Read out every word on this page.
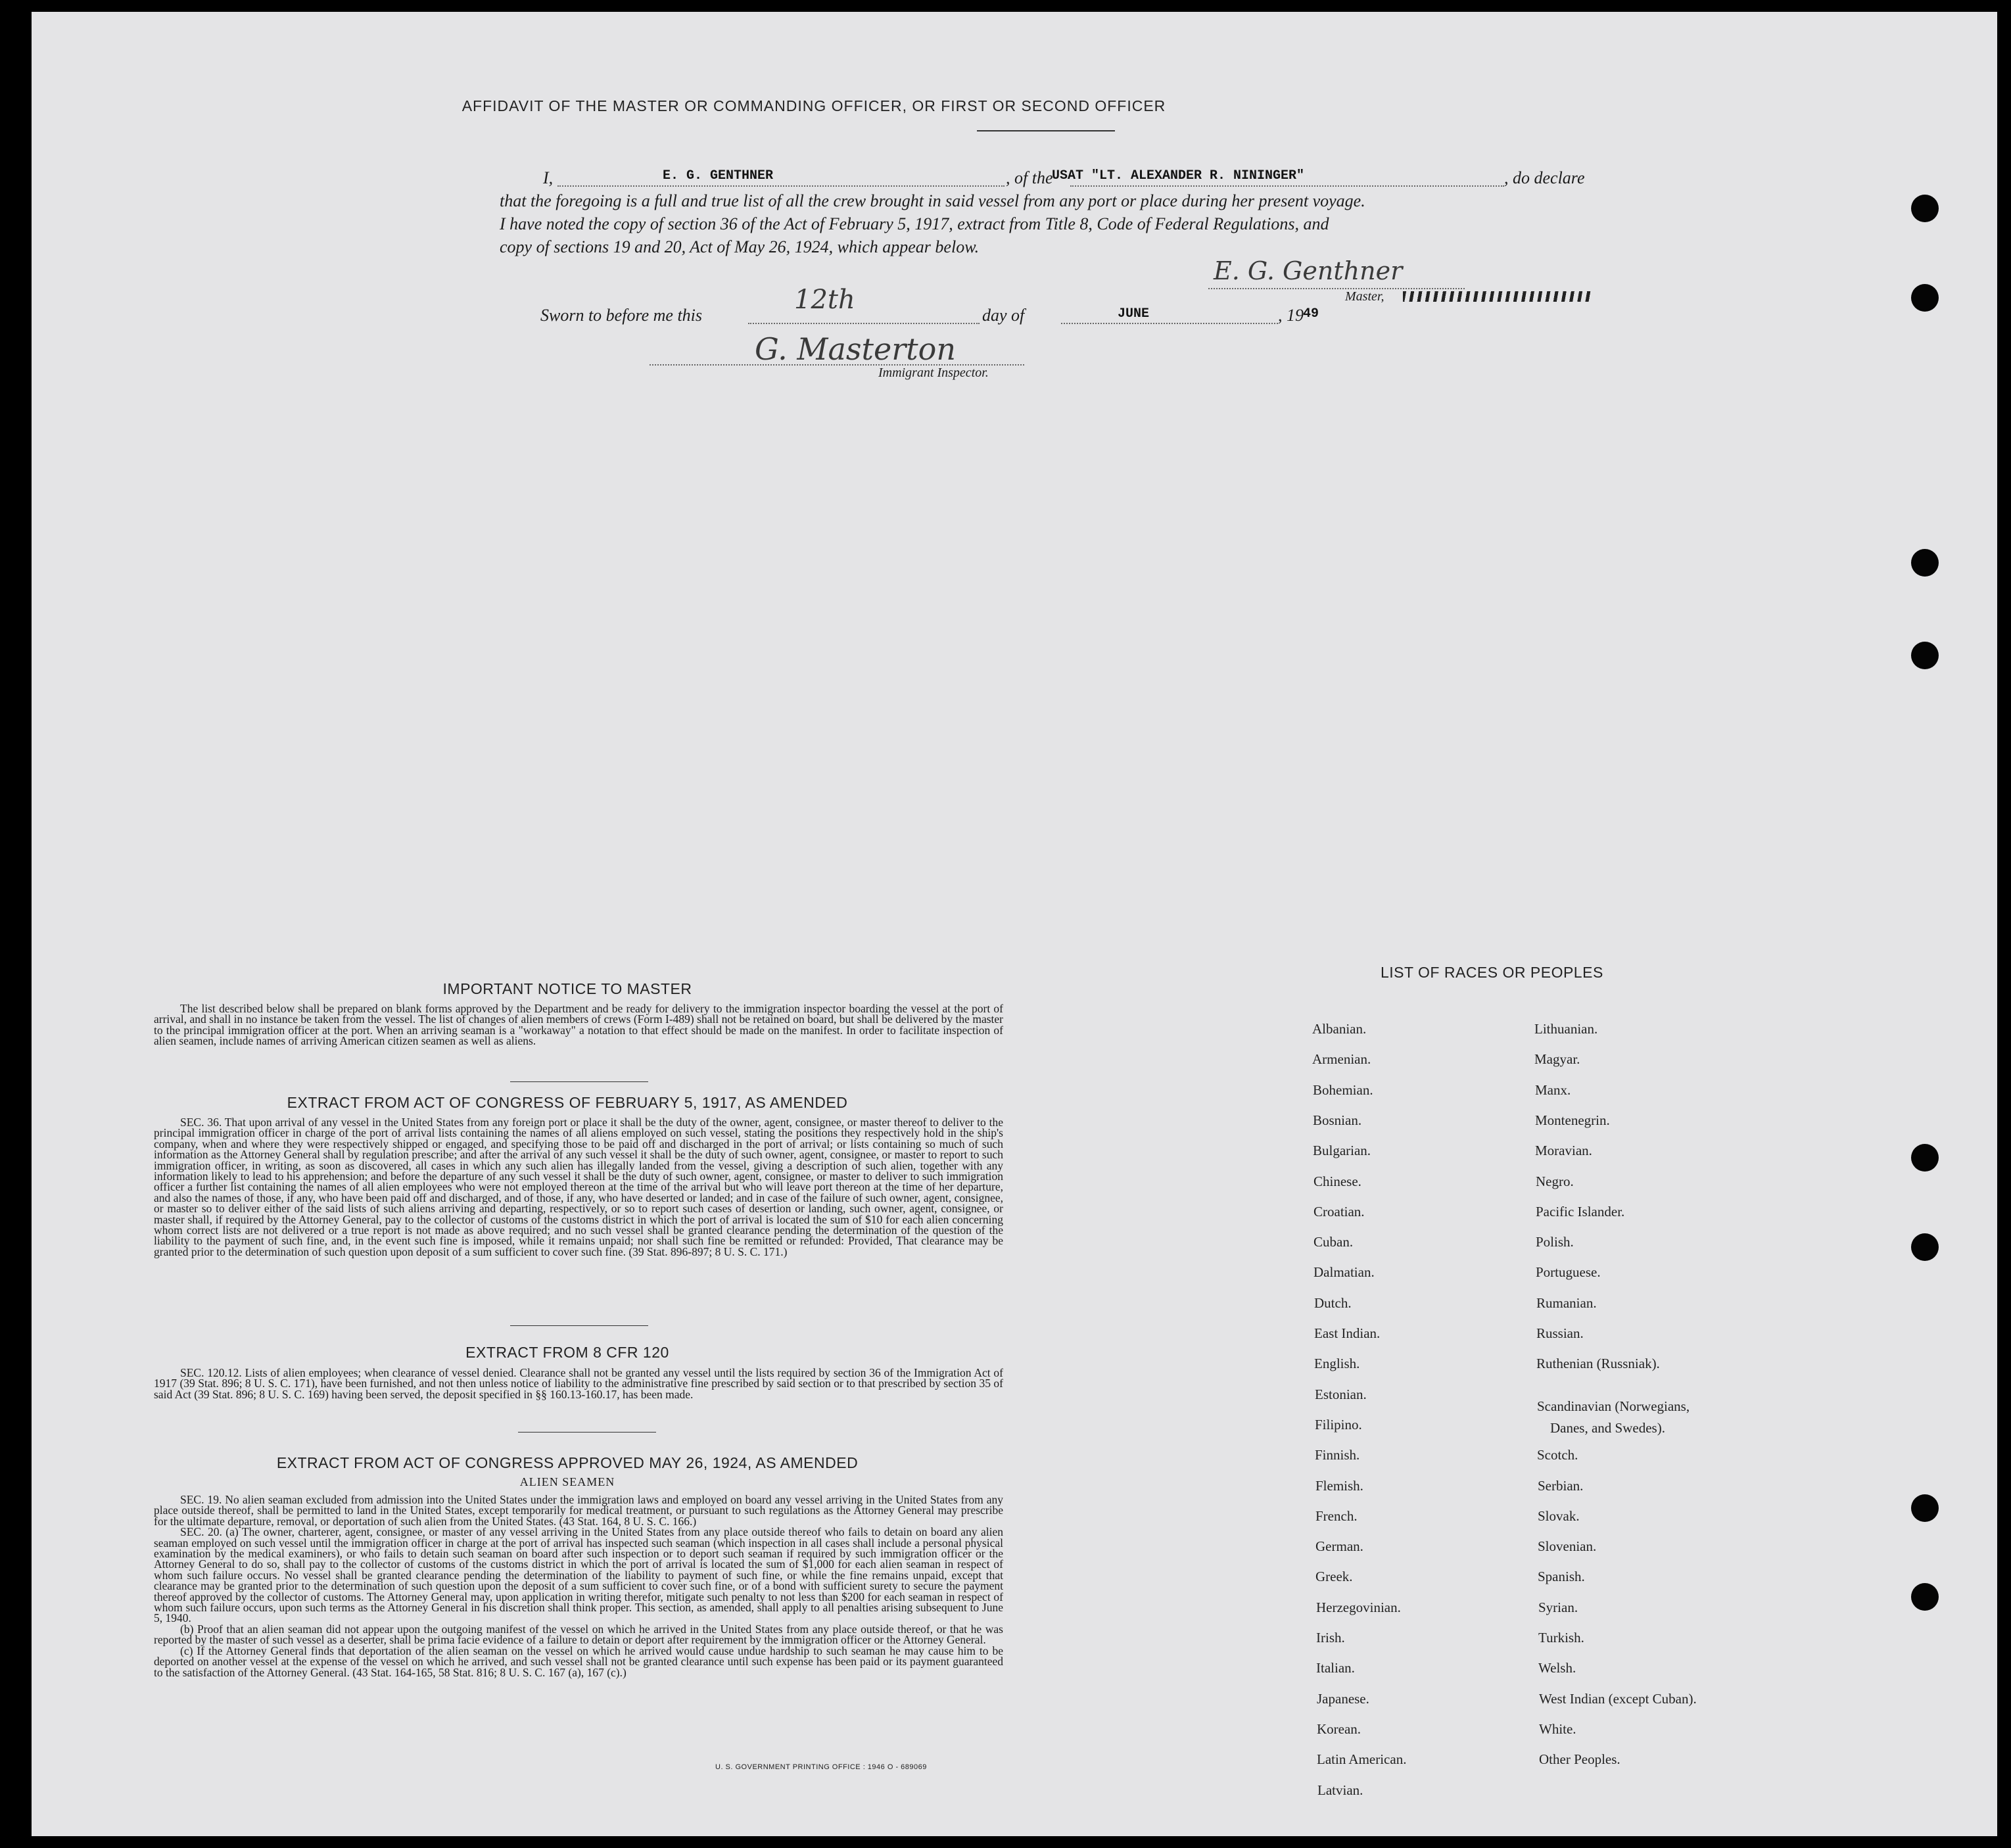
AFFIDAVIT OF THE MASTER OR COMMANDING OFFICER, OR FIRST OR SECOND OFFICER
I,	E. G. GENTHNER	, of the
USAT "LT. ALEXANDER R. NININGER"	, do declare
that the foregoing is a full and true list of all the crew brought in said vessel from any port or place during her present voyage.
I have noted the copy of section 36 of the Act of February 5, 1917, extract from Title 8, Code of Federal Regulations, and
copy of sections 19 and 20, Act of May 26, 1924, which appear below.
E. G. Genthner
Master,
Sworn to before me this
12th
day of	JUNE	, 19 49
G. Masterton
Immigrant Inspector.
IMPORTANT NOTICE TO MASTER

The list described below shall be prepared on blank forms approved by the Department and be ready for delivery to the immigration inspector boarding the vessel at the port of arrival, and shall in no instance be taken from the vessel. The list of changes of alien members of crews (Form I-489) shall not be retained on board, but shall be delivered by the master to the principal immigration officer at the port. When an arriving seaman is a "workaway" a notation to that effect should be made on the manifest. In order to facilitate inspection of alien seamen, include names of arriving American citizen seamen as well as aliens.

EXTRACT FROM ACT OF CONGRESS OF FEBRUARY 5, 1917, AS AMENDED

SEC. 36. That upon arrival of any vessel in the United States from any foreign port or place it shall be the duty of the owner, agent, consignee, or master thereof to deliver to the principal immigration officer in charge of the port of arrival lists containing the names of all aliens employed on such vessel, stating the positions they respectively hold in the ship's company, when and where they were respectively shipped or engaged, and specifying those to be paid off and discharged in the port of arrival; or lists containing so much of such information as the Attorney General shall by regulation prescribe; and after the arrival of any such vessel it shall be the duty of such owner, agent, consignee, or master to report to such immigration officer, in writing, as soon as discovered, all cases in which any such alien has illegally landed from the vessel, giving a description of such alien, together with any information likely to lead to his apprehension; and before the departure of any such vessel it shall be the duty of such owner, agent, consignee, or master to deliver to such immigration officer a further list containing the names of all alien employees who were not employed thereon at the time of the arrival but who will leave port thereon at the time of her departure, and also the names of those, if any, who have been paid off and discharged, and of those, if any, who have deserted or landed; and in case of the failure of such owner, agent, consignee, or master so to deliver either of the said lists of such aliens arriving and departing, respectively, or so to report such cases of desertion or landing, such owner, agent, consignee, or master shall, if required by the Attorney General, pay to the collector of customs of the customs district in which the port of arrival is located the sum of $10 for each alien concerning whom correct lists are not delivered or a true report is not made as above required; and no such vessel shall be granted clearance pending the determination of the question of the liability to the payment of such fine, and, in the event such fine is imposed, while it remains unpaid; nor shall such fine be remitted or refunded: Provided, That clearance may be granted prior to the determination of such question upon deposit of a sum sufficient to cover such fine. (39 Stat. 896-897; 8 U. S. C. 171.)

EXTRACT FROM 8 CFR 120

SEC. 120.12. Lists of alien employees; when clearance of vessel denied. Clearance shall not be granted any vessel until the lists required by section 36 of the Immigration Act of 1917 (39 Stat. 896; 8 U. S. C. 171), have been furnished, and not then unless notice of liability to the administrative fine prescribed by said section or to that prescribed by section 35 of said Act (39 Stat. 896; 8 U. S. C. 169) having been served, the deposit specified in §§ 160.13-160.17, has been made.

EXTRACT FROM ACT OF CONGRESS APPROVED MAY 26, 1924, AS AMENDED
ALIEN SEAMEN

SEC. 19. No alien seaman excluded from admission into the United States under the immigration laws and employed on board any vessel arriving in the United States from any place outside thereof, shall be permitted to land in the United States, except temporarily for medical treatment, or pursuant to such regulations as the Attorney General may prescribe for the ultimate departure, removal, or deportation of such alien from the United States. (43 Stat. 164, 8 U. S. C. 166.)

SEC. 20. (a) The owner, charterer, agent, consignee, or master of any vessel arriving in the United States from any place outside thereof who fails to detain on board any alien seaman employed on such vessel until the immigration officer in charge at the port of arrival has inspected such seaman (which inspection in all cases shall include a personal physical examination by the medical examiners), or who fails to detain such seaman on board after such inspection or to deport such seaman if required by such immigration officer or the Attorney General to do so, shall pay to the collector of customs of the customs district in which the port of arrival is located the sum of $1,000 for each alien seaman in respect of whom such failure occurs. No vessel shall be granted clearance pending the determination of the liability to payment of such fine, or while the fine remains unpaid, except that clearance may be granted prior to the determination of such question upon the deposit of a sum sufficient to cover such fine, or of a bond with sufficient surety to secure the payment thereof approved by the collector of customs. The Attorney General may, upon application in writing therefor, mitigate such penalty to not less than $200 for each seaman in respect of whom such failure occurs, upon such terms as the Attorney General in his discretion shall think proper. This section, as amended, shall apply to all penalties arising subsequent to June 5, 1940.

(b) Proof that an alien seaman did not appear upon the outgoing manifest of the vessel on which he arrived in the United States from any place outside thereof, or that he was reported by the master of such vessel as a deserter, shall be prima facie evidence of a failure to detain or deport after requirement by the immigration officer or the Attorney General.

(c) If the Attorney General finds that deportation of the alien seaman on the vessel on which he arrived would cause undue hardship to such seaman he may cause him to be deported on another vessel at the expense of the vessel on which he arrived, and such vessel shall not be granted clearance until such expense has been paid or its payment guaranteed to the satisfaction of the Attorney General. (43 Stat. 164-165, 58 Stat. 816; 8 U. S. C. 167 (a), 167 (c).)

U. S. GOVERNMENT PRINTING OFFICE : 1946 O - 689069
LIST OF RACES OR PEOPLES
Albanian.
Armenian.
Bohemian.
Bosnian.
Bulgarian.
Chinese.
Croatian.
Cuban.
Dalmatian.
Dutch.
East Indian.
English.
Estonian.
Filipino.
Finnish.
Flemish.
French.
German.
Greek.
Herzegovinian.
Irish.
Italian.
Japanese.
Korean.
Latin American.
Latvian.
Lithuanian.
Magyar.
Manx.
Montenegrin.
Moravian.
Negro.
Pacific Islander.
Polish.
Portuguese.
Rumanian.
Russian.
Ruthenian (Russniak).
Scandinavian (Norwegians,
Danes, and Swedes).
Scotch.
Serbian.
Slovak.
Slovenian.
Spanish.
Syrian.
Turkish.
Welsh.
West Indian (except Cuban).
White.
Other Peoples.
